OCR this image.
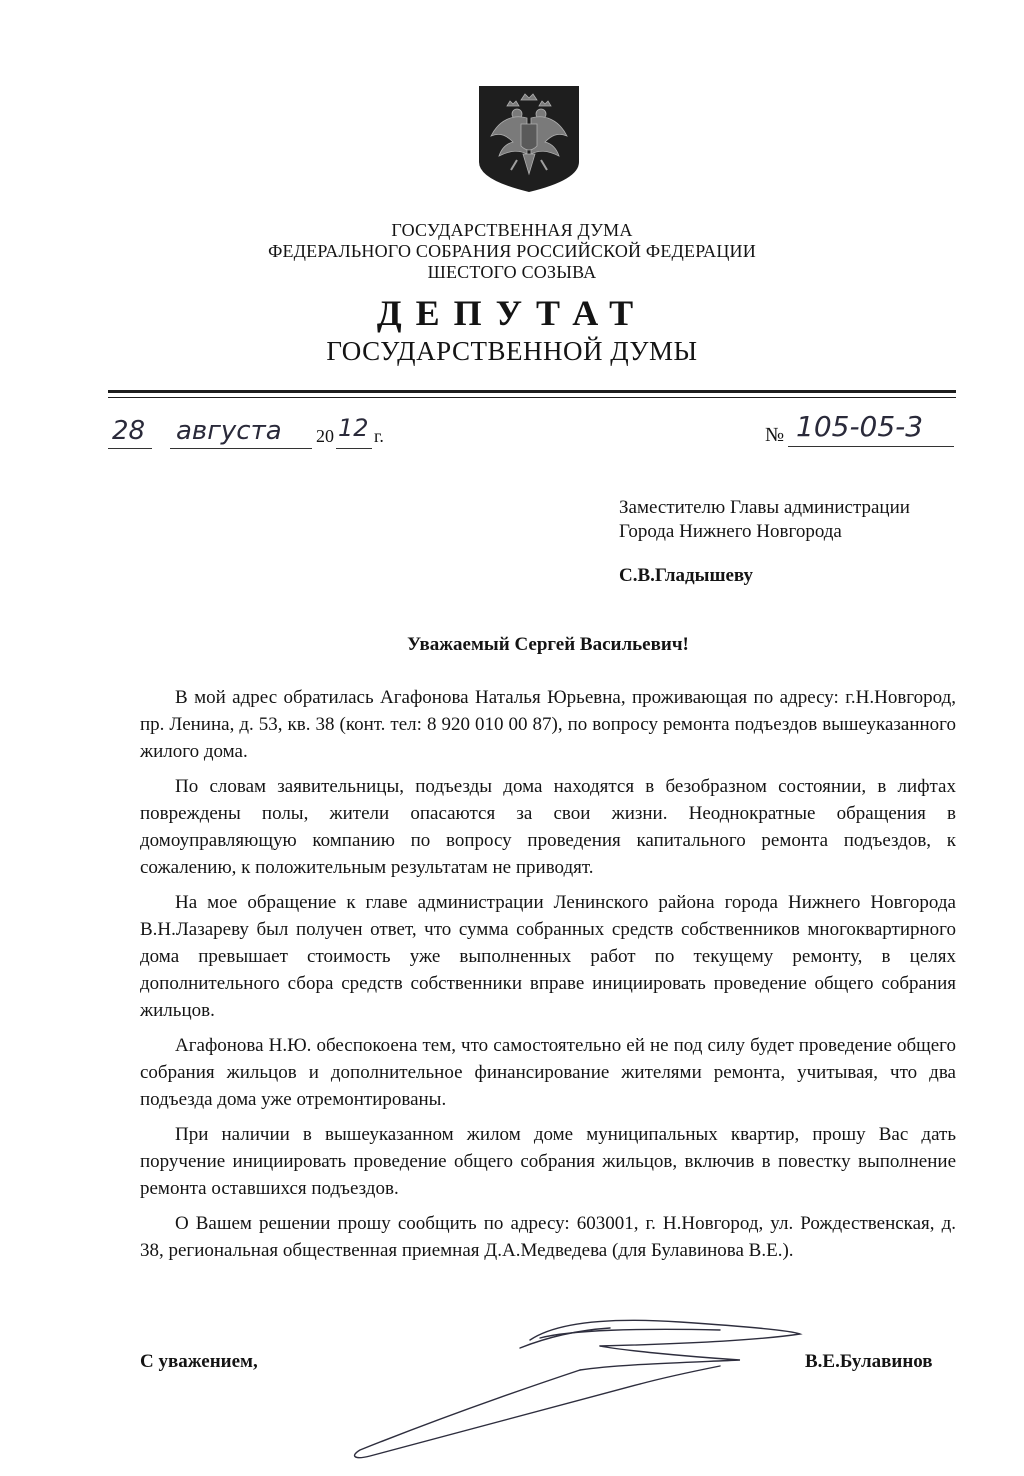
ГОСУДАРСТВЕННАЯ ДУМА
ФЕДЕРАЛЬНОГО СОБРАНИЯ РОССИЙСКОЙ ФЕДЕРАЦИИ
ШЕСТОГО СОЗЫВА
ДЕПУТАТ
ГОСУДАРСТВЕННОЙ ДУМЫ
28 августа 20 12 г.	№ 105-05-3
Заместителю Главы администрации
Города Нижнего Новгорода
С.В.Гладышеву
Уважаемый Сергей Васильевич!

В мой адрес обратилась Агафонова Наталья Юрьевна, проживающая по адресу: г.Н.Новгород, пр. Ленина, д. 53, кв. 38 (конт. тел: 8 920 010 00 87), по вопросу ремонта подъездов вышеуказанного жилого дома.

По словам заявительницы, подъезды дома находятся в безобразном состоянии, в лифтах повреждены полы, жители опасаются за свои жизни. Неоднократные обращения в домоуправляющую компанию по вопросу проведения капитального ремонта подъездов, к сожалению, к положительным результатам не приводят.

На мое обращение к главе администрации Ленинского района города Нижнего Новгорода В.Н.Лазареву был получен ответ, что сумма собранных средств собственников многоквартирного дома превышает стоимость уже выполненных работ по текущему ремонту, в целях дополнительного сбора средств собственники вправе инициировать проведение общего собрания жильцов.

Агафонова Н.Ю. обеспокоена тем, что самостоятельно ей не под силу будет проведение общего собрания жильцов и дополнительное финансирование жителями ремонта, учитывая, что два подъезда дома уже отремонтированы.

При наличии в вышеуказанном жилом доме муниципальных квартир, прошу Вас дать поручение инициировать проведение общего собрания жильцов, включив в повестку выполнение ремонта оставшихся подъездов.

О Вашем решении прошу сообщить по адресу: 603001, г. Н.Новгород, ул. Рождественская, д. 38, региональная общественная приемная Д.А.Медведева (для Булавинова В.Е.).

С уважением,	В.Е.Булавинов
